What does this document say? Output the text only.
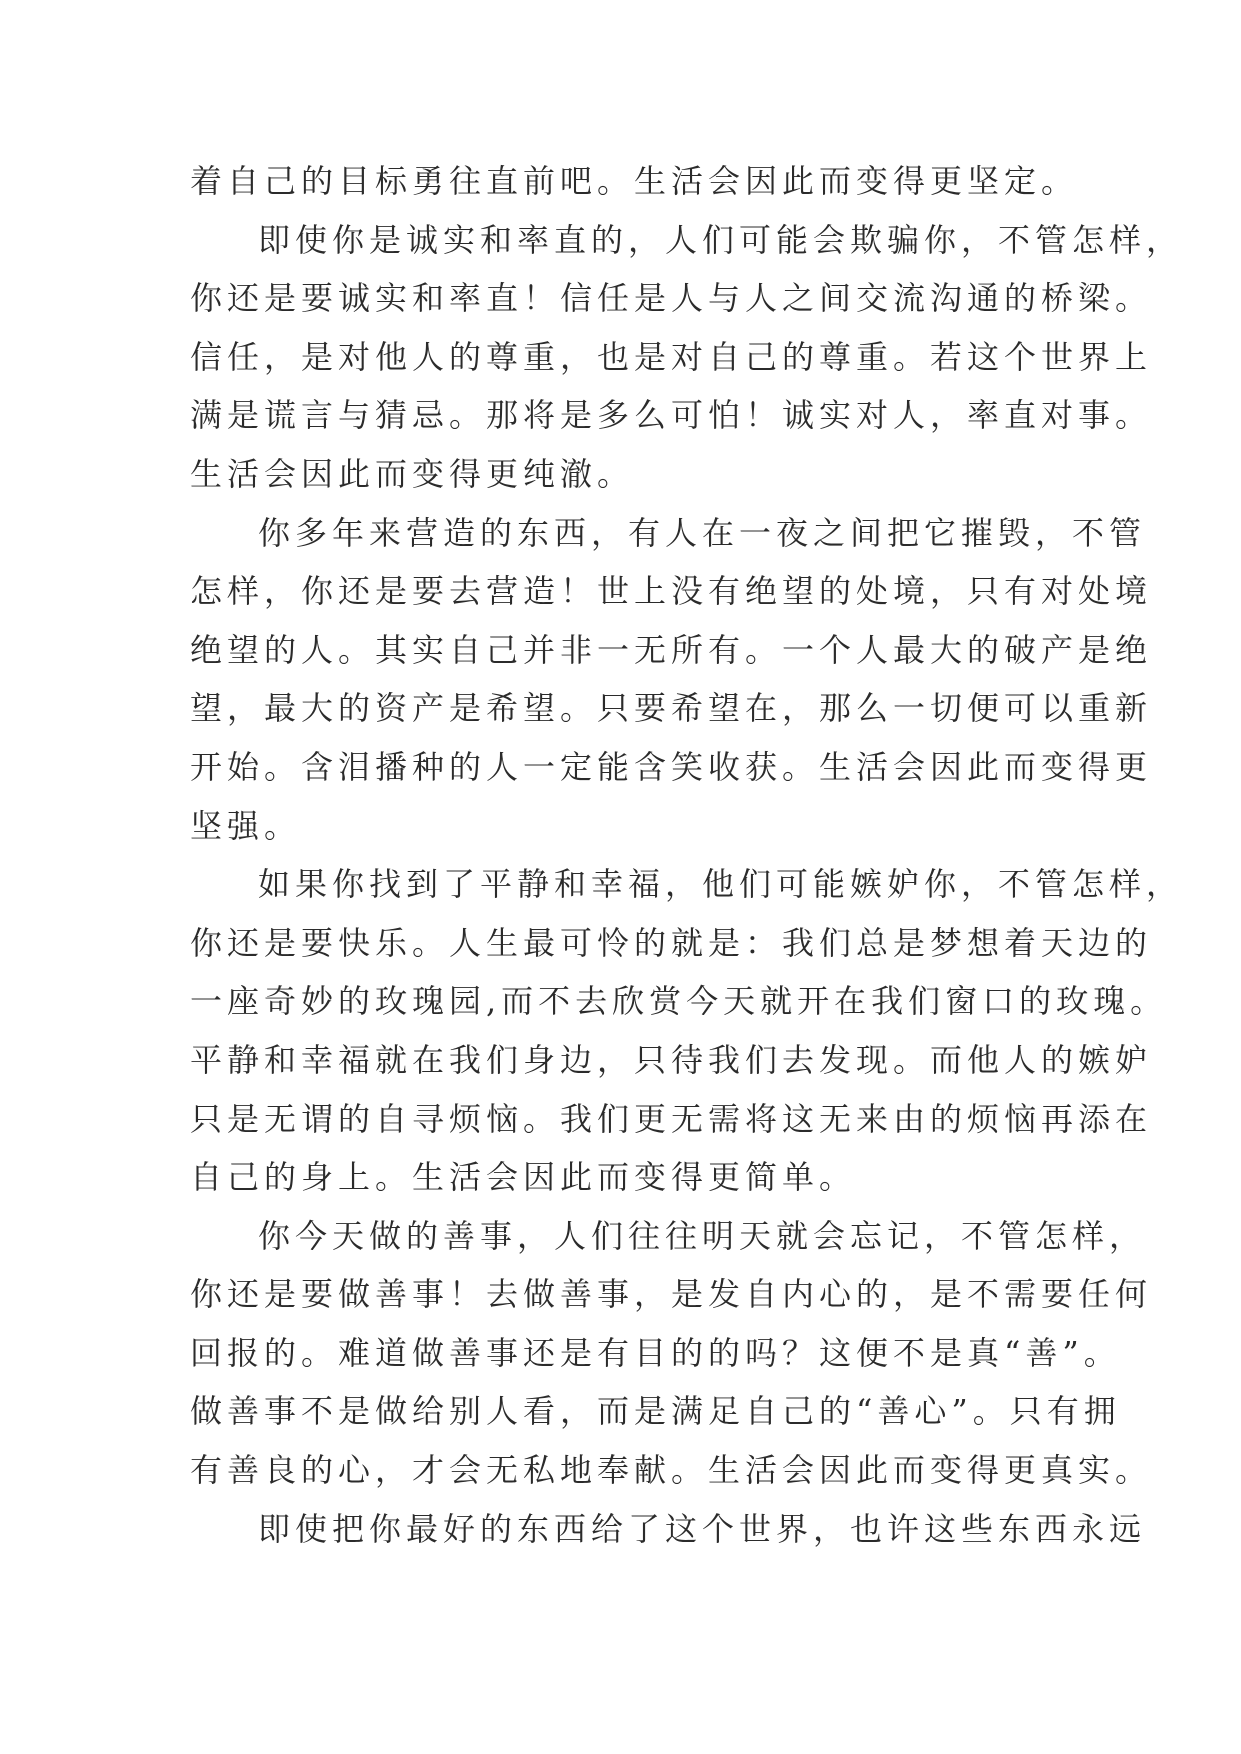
着自己的目标勇往直前吧。生活会因此而变得更坚定。
即使你是诚实和率直的，人们可能会欺骗你，不管怎样，
你还是要诚实和率直！信任是人与人之间交流沟通的桥梁。
信任，是对他人的尊重，也是对自己的尊重。若这个世界上
满是谎言与猜忌。那将是多么可怕！诚实对人，率直对事。
生活会因此而变得更纯澈。
你多年来营造的东西，有人在一夜之间把它摧毁，不管
怎样，你还是要去营造！世上没有绝望的处境，只有对处境
绝望的人。其实自己并非一无所有。一个人最大的破产是绝
望，最大的资产是希望。只要希望在，那么一切便可以重新
开始。含泪播种的人一定能含笑收获。生活会因此而变得更
坚强。
如果你找到了平静和幸福，他们可能嫉妒你，不管怎样，
你还是要快乐。人生最可怜的就是：我们总是梦想着天边的
一座奇妙的玫瑰园,而不去欣赏今天就开在我们窗口的玫瑰。
平静和幸福就在我们身边，只待我们去发现。而他人的嫉妒
只是无谓的自寻烦恼。我们更无需将这无来由的烦恼再添在
自己的身上。生活会因此而变得更简单。
你今天做的善事，人们往往明天就会忘记，不管怎样，
你还是要做善事！去做善事，是发自内心的，是不需要任何
回报的。难道做善事还是有目的的吗？这便不是真“善”。
做善事不是做给别人看，而是满足自己的“善心”。只有拥
有善良的心，才会无私地奉献。生活会因此而变得更真实。
即使把你最好的东西给了这个世界，也许这些东西永远
